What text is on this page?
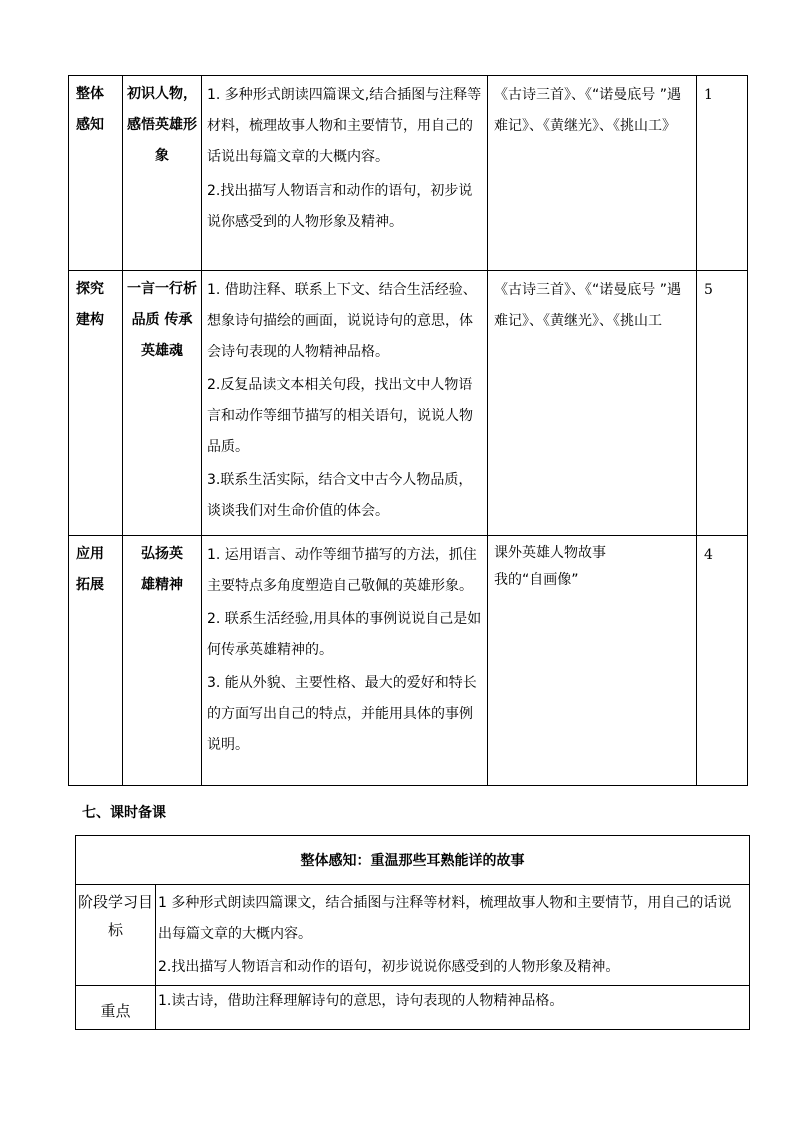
整体感知	初识人物，感悟英雄形象	1. 多种形式朗读四篇课文,结合插图与注释等材料，梳理故事人物和主要情节，用自己的话说出每篇文章的大概内容。
2.找出描写人物语言和动作的语句，初步说说你感受到的人物形象及精神。	《古诗三首》、《“诺曼底号 ”遇难记》、《黄继光》、《挑山工》	1

探究建构	一言一行析品质 传承英雄魂	1. 借助注释、联系上下文、结合生活经验、想象诗句描绘的画面，说说诗句的意思，体会诗句表现的人物精神品格。
2.反复品读文本相关句段，找出文中人物语言和动作等细节描写的相关语句，说说人物品质。
3.联系生活实际，结合文中古今人物品质，谈谈我们对生命价值的体会。	《古诗三首》、《“诺曼底号 ”遇难记》、《黄继光》、《挑山工	5

应用拓展	弘扬英雄精神	1. 运用语言、动作等细节描写的方法，抓住主要特点多角度塑造自己敬佩的英雄形象。
2. 联系生活经验,用具体的事例说说自己是如何传承英雄精神的。
3. 能从外貌、主要性格、最大的爱好和特长的方面写出自己的特点，并能用具体的事例说明。	课外英雄人物故事
我的“自画像”	4
七、课时备课
整体感知：重温那些耳熟能详的故事	
阶段学习目标	1 多种形式朗读四篇课文，结合插图与注释等材料，梳理故事人物和主要情节，用自己的话说出每篇文章的大概内容。
2.找出描写人物语言和动作的语句，初步说说你感受到的人物形象及精神。

重点	1.读古诗，借助注释理解诗句的意思，诗句表现的人物精神品格。
